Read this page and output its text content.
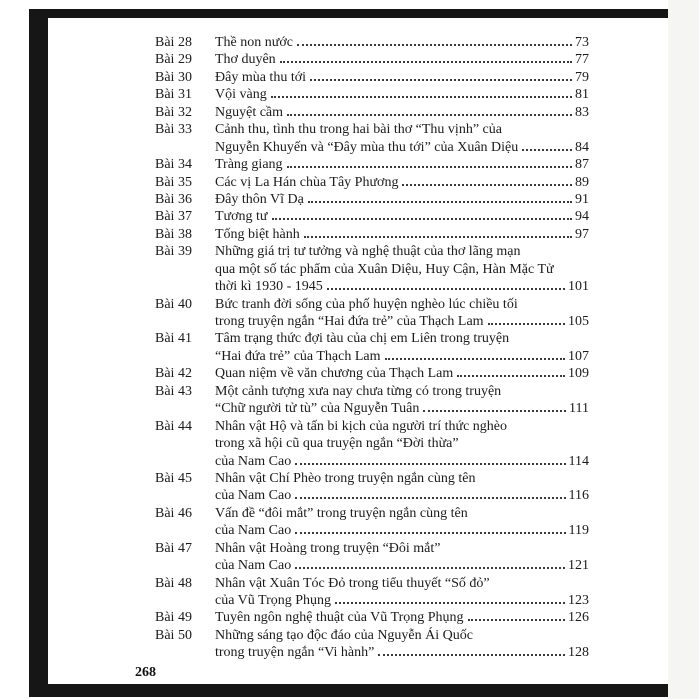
Bài 28	Thề non nước	73
Bài 29	Thơ duyên	77
Bài 30	Đây mùa thu tới	79
Bài 31	Vội vàng	81
Bài 32	Nguyệt cầm	83
Bài 33	Cảnh thu, tình thu trong hai bài thơ “Thu vịnh” của
Nguyễn Khuyến và “Đây mùa thu tới” của Xuân Diệu	84
Bài 34	Tràng giang	87
Bài 35	Các vị La Hán chùa Tây Phương	89
Bài 36	Đây thôn Vĩ Dạ	91
Bài 37	Tương tư	94
Bài 38	Tống biệt hành	97
Bài 39	Những giá trị tư tưởng và nghệ thuật của thơ lãng mạn
qua một số tác phẩm của Xuân Diệu, Huy Cận, Hàn Mặc Tử
thời kì 1930 - 1945	101
Bài 40	Bức tranh đời sống của phố huyện nghèo lúc chiều tối
trong truyện ngắn “Hai đứa trẻ” của Thạch Lam	105
Bài 41	Tâm trạng thức đợi tàu của chị em Liên trong truyện
“Hai đứa trẻ” của Thạch Lam	107
Bài 42	Quan niệm về văn chương của Thạch Lam	109
Bài 43	Một cảnh tượng xưa nay chưa từng có trong truyện
“Chữ người tử tù” của Nguyễn Tuân	111
Bài 44	Nhân vật Hộ và tấn bi kịch của người trí thức nghèo
trong xã hội cũ qua truyện ngắn “Đời thừa”
của Nam Cao	114
Bài 45	Nhân vật Chí Phèo trong truyện ngắn cùng tên
của Nam Cao	116
Bài 46	Vấn đề “đôi mắt” trong truyện ngắn cùng tên
của Nam Cao	119
Bài 47	Nhân vật Hoàng trong truyện “Đôi mắt”
của Nam Cao	121
Bài 48	Nhân vật Xuân Tóc Đỏ trong tiểu thuyết “Số đỏ”
của Vũ Trọng Phụng	123
Bài 49	Tuyên ngôn nghệ thuật của Vũ Trọng Phụng	126
Bài 50	Những sáng tạo độc đáo của Nguyễn Ái Quốc
trong truyện ngắn “Vi hành”	128
268
